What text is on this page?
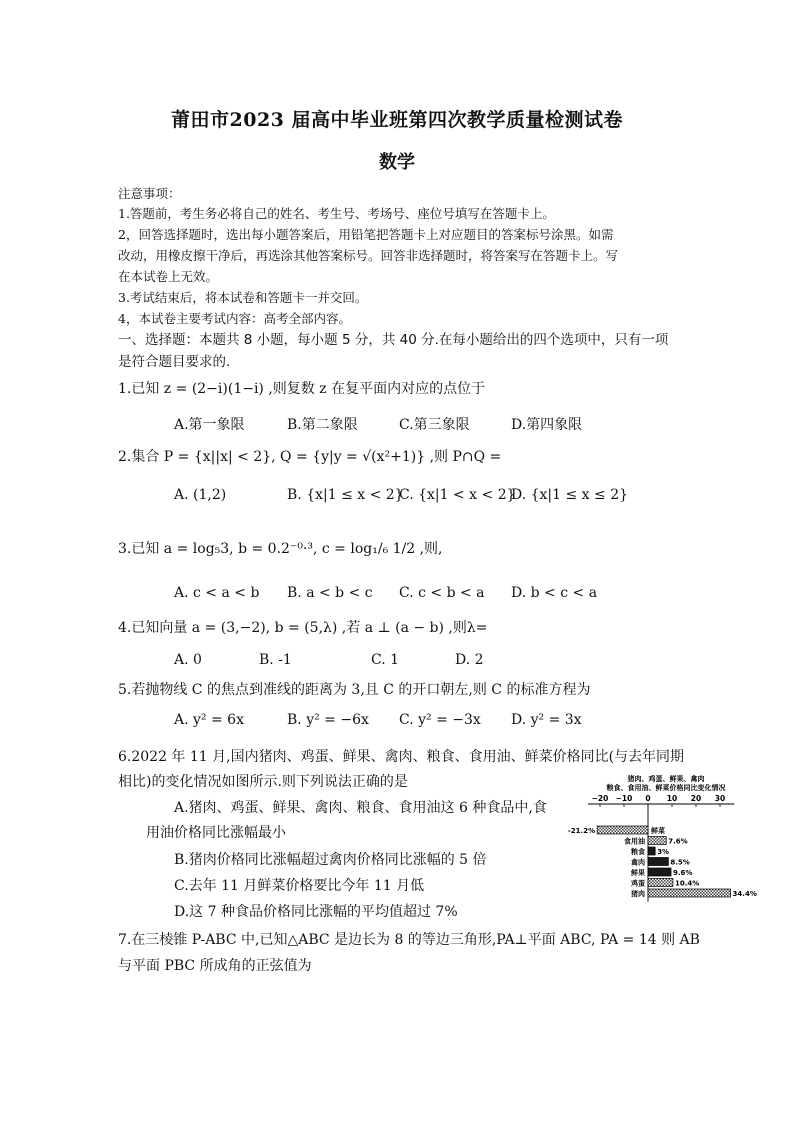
莆田市2023 届高中毕业班第四次教学质量检测试卷
数学
注意事项：
1.答题前，考生务必将自己的姓名、考生号、考场号、座位号填写在答题卡上。
2，回答选择题时，选出每小题答案后，用铅笔把答题卡上对应题目的答案标号涂黑。如需
改动，用橡皮擦干净后，再选涂其他答案标号。回答非选择题时，将答案写在答题卡上。写
在本试卷上无效。
3.考试结束后，将本试卷和答题卡一并交回。
4，本试卷主要考试内容：高考全部内容。
一、选择题：本题共 8 小题，每小题 5 分，共 40 分.在每小题给出的四个选项中，只有一项
是符合题目要求的.
1.已知 z = (2−i)(1−i) ,则复数 z 在复平面内对应的点位于
A.第一象限	B.第二象限	C.第三象限	D.第四象限
2.集合 P = {x||x| < 2}, Q = {y|y = √(x²+1)} ,则 P∩Q =
A. (1,2)	B. {x|1 ≤ x < 2}
C. {x|1 < x < 2}
D. {x|1 ≤ x ≤ 2}
3.已知 a = log₅3, b = 0.2⁻⁰·³, c = log₁/₆ 1/2 ,则,
A. c < a < b B. a < b < c C. c < b < a D. b < c < a
4.已知向量 a = (3,−2), b = (5,λ) ,若 a ⊥ (a − b) ,则λ=
A. 0	B. -1	C. 1	D. 2
5.若抛物线 C 的焦点到准线的距离为 3,且 C 的开口朝左,则 C 的标准方程为
A. y² = 6x	B. y² = −6x C. y² = −3x D. y² = 3x
6.2022 年 11 月,国内猪肉、鸡蛋、鲜果、禽肉、粮食、食用油、鲜菜价格同比(与去年同期
相比)的变化情况如图所示.则下列说法正确的是
A.猪肉、鸡蛋、鲜果、禽肉、粮食、食用油这 6 种食品中,食
用油价格同比涨幅最小
B.猪肉价格同比涨幅超过禽肉价格同比涨幅的 5 倍
C.去年 11 月鲜菜价格要比今年 11 月低
D.这 7 种食品价格同比涨幅的平均值超过 7%
猪肉、鸡蛋、鲜果、禽肉
粮食、食用油、鲜菜价格同比变化情况
−20 −10 0 10 20 30
鲜菜
-21.2%
食用油	7.6%
粮食 3%
禽肉	8.5%
鲜果	9.6%
鸡蛋	10.4%
猪肉	34.4%
7.在三棱锥 P-ABC 中,已知△ABC 是边长为 8 的等边三角形,PA⊥平面 ABC, PA = 14 则 AB
与平面 PBC 所成角的正弦值为
